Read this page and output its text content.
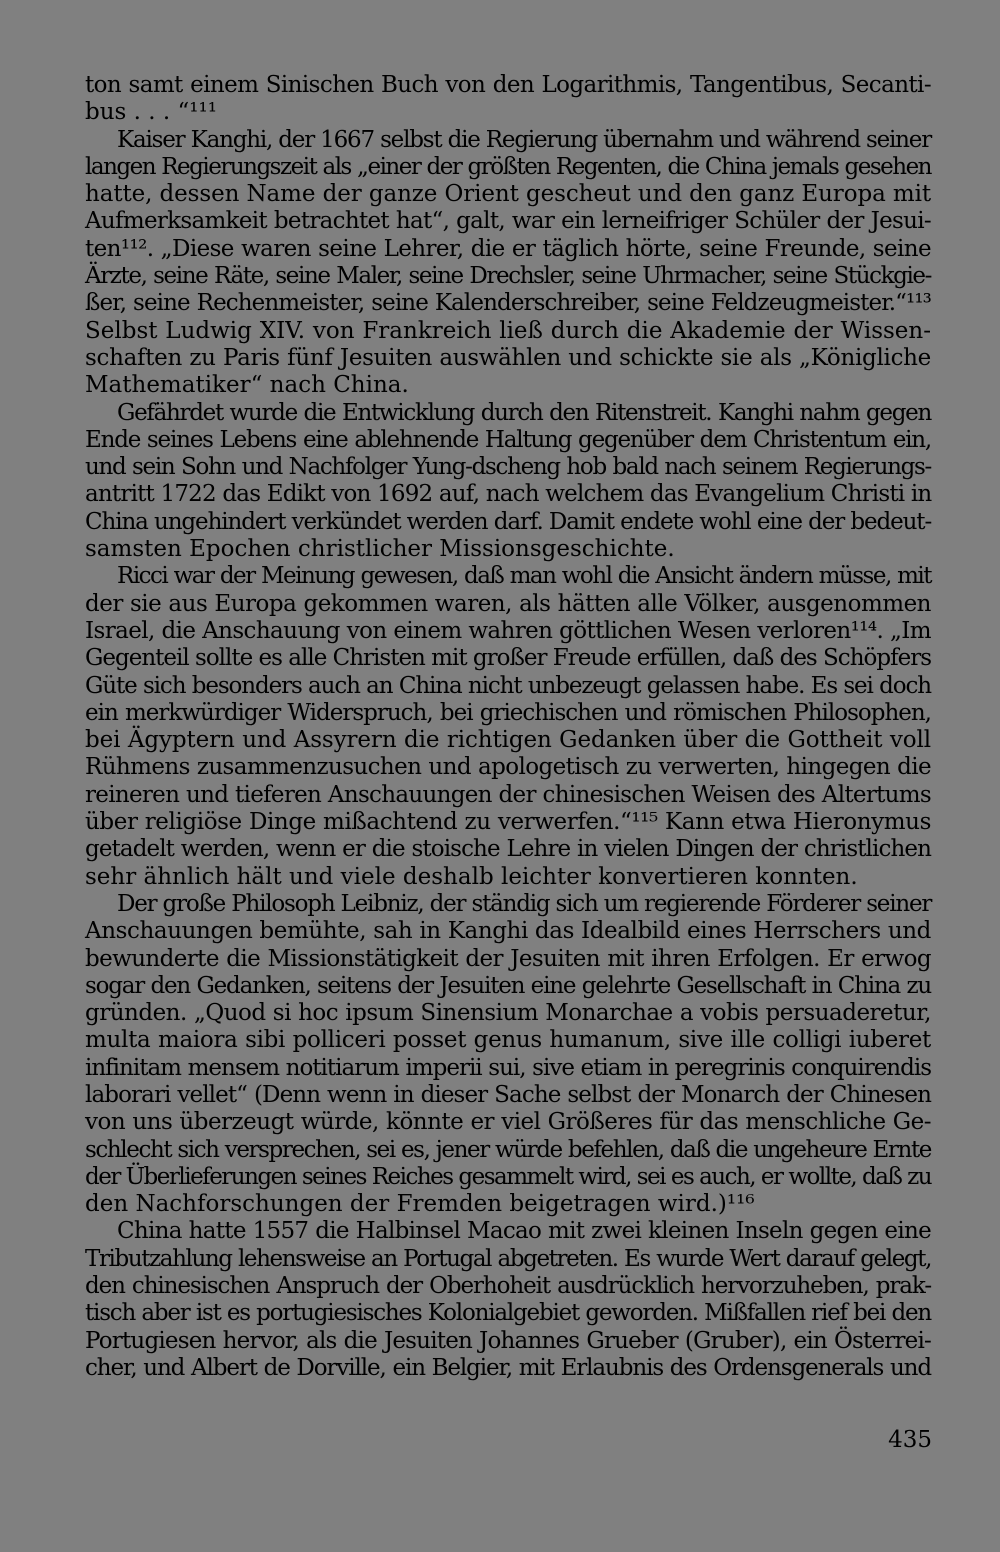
ton samt einem Sinischen Buch von den Logarithmis, Tangentibus, Secanti-
bus . . . “¹¹¹
Kaiser Kanghi, der 1667 selbst die Regierung übernahm und während seiner
langen Regierungszeit als „einer der größten Regenten, die China jemals gesehen
hatte, dessen Name der ganze Orient gescheut und den ganz Europa mit
Aufmerksamkeit betrachtet hat“, galt, war ein lerneifriger Schüler der Jesui-
ten¹¹². „Diese waren seine Lehrer, die er täglich hörte, seine Freunde, seine
Ärzte, seine Räte, seine Maler, seine Drechsler, seine Uhrmacher, seine Stückgie-
ßer, seine Rechenmeister, seine Kalenderschreiber, seine Feldzeugmeister.“¹¹³
Selbst Ludwig XIV. von Frankreich ließ durch die Akademie der Wissen-
schaften zu Paris fünf Jesuiten auswählen und schickte sie als „Königliche
Mathematiker“ nach China.
Gefährdet wurde die Entwicklung durch den Ritenstreit. Kanghi nahm gegen
Ende seines Lebens eine ablehnende Haltung gegenüber dem Christentum ein,
und sein Sohn und Nachfolger Yung-dscheng hob bald nach seinem Regierungs-
antritt 1722 das Edikt von 1692 auf, nach welchem das Evangelium Christi in
China ungehindert verkündet werden darf. Damit endete wohl eine der bedeut-
samsten Epochen christlicher Missionsgeschichte.
Ricci war der Meinung gewesen, daß man wohl die Ansicht ändern müsse, mit
der sie aus Europa gekommen waren, als hätten alle Völker, ausgenommen
Israel, die Anschauung von einem wahren göttlichen Wesen verloren¹¹⁴. „Im
Gegenteil sollte es alle Christen mit großer Freude erfüllen, daß des Schöpfers
Güte sich besonders auch an China nicht unbezeugt gelassen habe. Es sei doch
ein merkwürdiger Widerspruch, bei griechischen und römischen Philosophen,
bei Ägyptern und Assyrern die richtigen Gedanken über die Gottheit voll
Rühmens zusammenzusuchen und apologetisch zu verwerten, hingegen die
reineren und tieferen Anschauungen der chinesischen Weisen des Altertums
über religiöse Dinge mißachtend zu verwerfen.“¹¹⁵ Kann etwa Hieronymus
getadelt werden, wenn er die stoische Lehre in vielen Dingen der christlichen
sehr ähnlich hält und viele deshalb leichter konvertieren konnten.
Der große Philosoph Leibniz, der ständig sich um regierende Förderer seiner
Anschauungen bemühte, sah in Kanghi das Idealbild eines Herrschers und
bewunderte die Missionstätigkeit der Jesuiten mit ihren Erfolgen. Er erwog
sogar den Gedanken, seitens der Jesuiten eine gelehrte Gesellschaft in China zu
gründen. „Quod si hoc ipsum Sinensium Monarchae a vobis persuaderetur,
multa maiora sibi polliceri posset genus humanum, sive ille colligi iuberet
infinitam mensem notitiarum imperii sui, sive etiam in peregrinis conquirendis
laborari vellet“ (Denn wenn in dieser Sache selbst der Monarch der Chinesen
von uns überzeugt würde, könnte er viel Größeres für das menschliche Ge-
schlecht sich versprechen, sei es, jener würde befehlen, daß die ungeheure Ernte
der Überlieferungen seines Reiches gesammelt wird, sei es auch, er wollte, daß zu
den Nachforschungen der Fremden beigetragen wird.)¹¹⁶
China hatte 1557 die Halbinsel Macao mit zwei kleinen Inseln gegen eine
Tributzahlung lehensweise an Portugal abgetreten. Es wurde Wert darauf gelegt,
den chinesischen Anspruch der Oberhoheit ausdrücklich hervorzuheben, prak-
tisch aber ist es portugiesisches Kolonialgebiet geworden. Mißfallen rief bei den
Portugiesen hervor, als die Jesuiten Johannes Grueber (Gruber), ein Österrei-
cher, und Albert de Dorville, ein Belgier, mit Erlaubnis des Ordensgenerals und
435
